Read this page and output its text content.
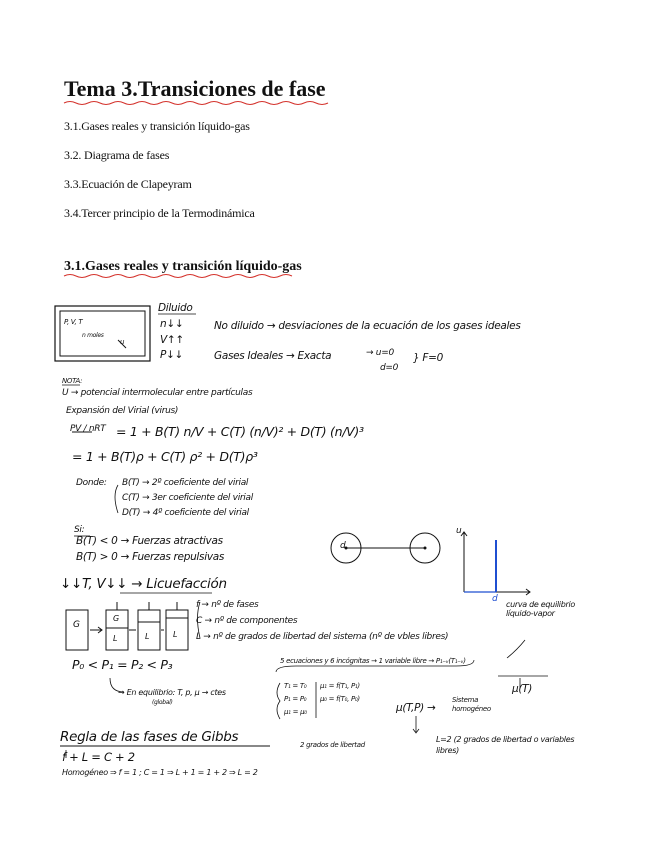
Tema 3.Transiciones de fase
3.1.Gases reales y transición líquido-gas
3.2. Diagrama de fases
3.3.Ecuación de Clapeyram
3.4.Tercer principio de la Termodinámica
3.1.Gases reales y transición líquido-gas
P, V, T
n moles
u
Diluido
n↓↓
V↑↑
P↓↓
No diluido → desviaciones de la ecuación de los gases ideales
Gases Ideales → Exacta	→ u=0
d=0
} F=0
NOTA:
U → potencial intermolecular entre partículas
Expansión del Virial (virus)
PV / nRT = 1 + B(T) n/V + C(T) (n/V)² + D(T) (n/V)³
= 1 + B(T)ρ + C(T) ρ² + D(T)ρ³
Donde: B(T) → 2º coeficiente del virial
C(T) → 3er coeficiente del virial
D(T) → 4º coeficiente del virial
Si:
B(T) < 0 → Fuerzas atractivas
B(T) > 0 → Fuerzas repulsivas
d
u
d
↓↓T, V↓↓ → Licuefacción
G
G
L	L	L
f → nº de fases
C → nº de componentes
L → nº de grados de libertad del sistema (nº de vbles libres)
curva de equilibrio líquido-vapor
P₀ < P₁ = P₂ < P₃	5 ecuaciones y 6 incógnitas → 1 variable libre → P₁₋ᵥ(T₁₋ᵥ)
μ(T)
→ En equilibrio: T, p, μ → ctes
(global)
T₁ = T₀
P₁ = P₀
μ₁ = μ₀
μ₁ = f(T₁, P₁)
μ₀ = f(T₀, P₀)
μ(T,P) →
Sistema homogéneo
L=2 (2 grados de libertad o variables libres)
Regla de las fases de Gibbs	2 grados de libertad
f + L = C + 2
Homogéneo ⇒ f = 1 ; C = 1 ⇒ L + 1 = 1 + 2 ⇒ L = 2
